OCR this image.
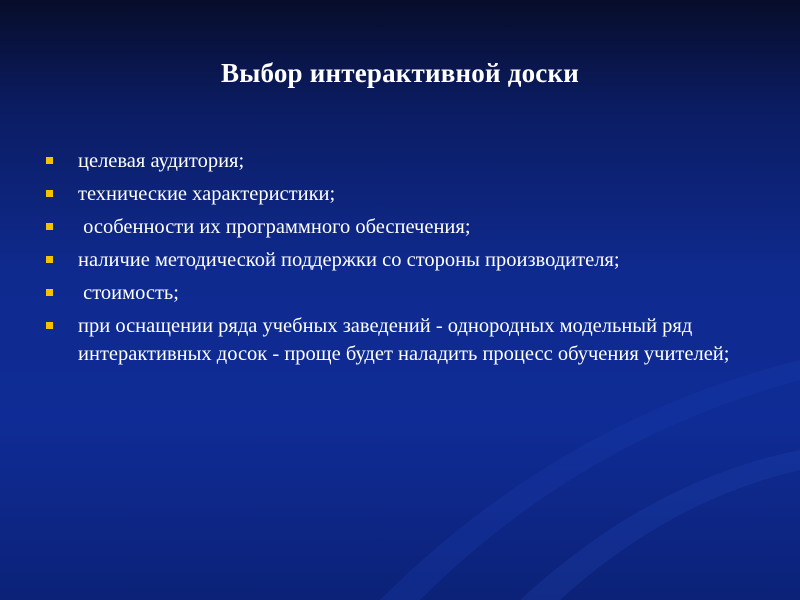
Выбор интерактивной доски
целевая аудитория;
технические характеристики;
особенности их программного обеспечения;
наличие методической поддержки со стороны производителя;
стоимость;
при оснащении ряда учебных заведений - однородных модельный ряд интерактивных досок - проще будет наладить процесс обучения учителей;
